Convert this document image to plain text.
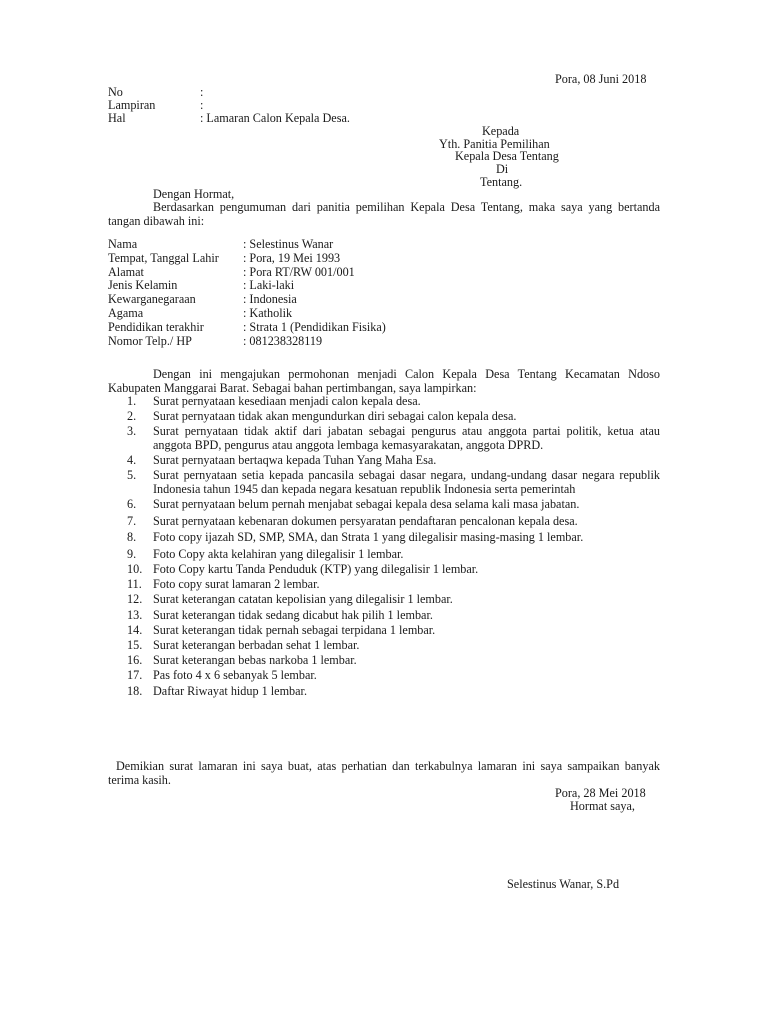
Pora, 08 Juni 2018
No	:
Lampiran	:
Hal	: Lamaran Calon Kepala Desa.
Kepada
Yth. Panitia Pemilihan
Kepala Desa Tentang
Di
Tentang.
Dengan Hormat,
Berdasarkan pengumuman dari panitia pemilihan Kepala Desa Tentang, maka saya yang bertanda tangan dibawah ini:
Nama	: Selestinus Wanar
Tempat, Tanggal Lahir : Pora, 19 Mei 1993
Alamat	: Pora RT/RW 001/001
Jenis Kelamin	: Laki-laki
Kewarganegaraan	: Indonesia
Agama	: Katholik
Pendidikan terakhir	: Strata 1 (Pendidikan Fisika)
Nomor Telp./ HP	: 081238328119
Dengan ini mengajukan permohonan menjadi Calon Kepala Desa Tentang Kecamatan Ndoso Kabupaten Manggarai Barat. Sebagai bahan pertimbangan, saya lampirkan:
1.	Surat pernyataan kesediaan menjadi calon kepala desa.
2.	Surat pernyataan tidak akan mengundurkan diri sebagai calon kepala desa.
3.	Surat pernyataan tidak aktif dari jabatan sebagai pengurus atau anggota partai politik, ketua atau anggota BPD, pengurus atau anggota lembaga kemasyarakatan, anggota DPRD.
4.	Surat pernyataan bertaqwa kepada Tuhan Yang Maha Esa.
5.	Surat pernyataan setia kepada pancasila sebagai dasar negara, undang-undang dasar negara republik Indonesia tahun 1945 dan kepada negara kesatuan republik Indonesia serta pemerintah
6.	Surat pernyataan belum pernah menjabat sebagai kepala desa selama kali masa jabatan.
7.	Surat pernyataan kebenaran dokumen persyaratan pendaftaran pencalonan kepala desa.
8.	Foto copy ijazah SD, SMP, SMA, dan Strata 1 yang dilegalisir masing-masing 1 lembar.
9.	Foto Copy akta kelahiran yang dilegalisir 1 lembar.
10. Foto Copy kartu Tanda Penduduk (KTP) yang dilegalisir 1 lembar.
11. Foto copy surat lamaran 2 lembar.
12. Surat keterangan catatan kepolisian yang dilegalisir 1 lembar.
13. Surat keterangan tidak sedang dicabut hak pilih 1 lembar.
14. Surat keterangan tidak pernah sebagai terpidana 1 lembar.
15. Surat keterangan berbadan sehat 1 lembar.
16. Surat keterangan bebas narkoba 1 lembar.
17. Pas foto 4 x 6 sebanyak 5 lembar.
18. Daftar Riwayat hidup 1 lembar.
Demikian surat lamaran ini saya buat, atas perhatian dan terkabulnya lamaran ini saya sampaikan banyak terima kasih.
Pora, 28 Mei 2018
Hormat saya,
Selestinus Wanar, S.Pd
